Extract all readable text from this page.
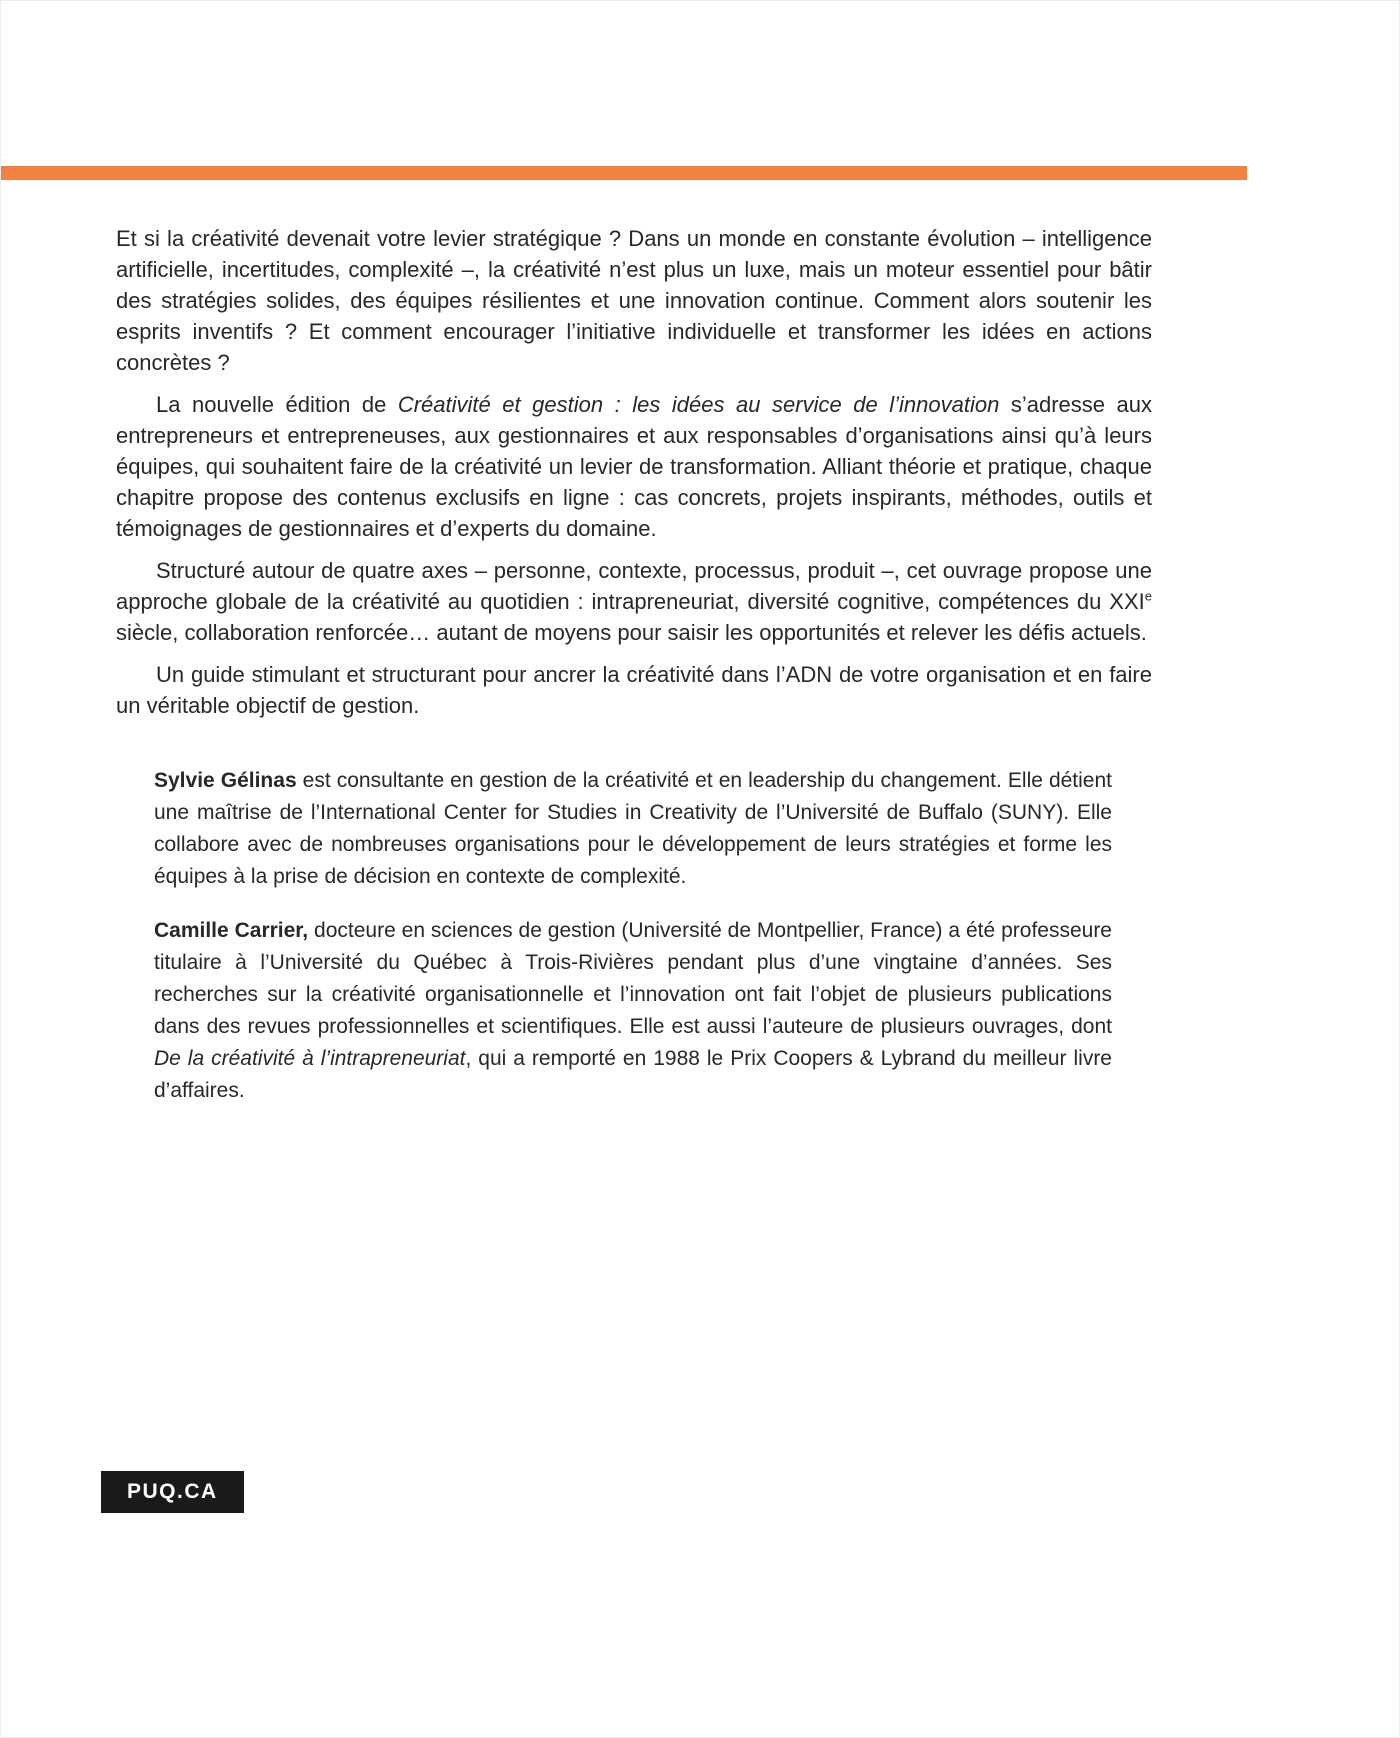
Et si la créativité devenait votre levier stratégique ? Dans un monde en constante évolution – intelligence artificielle, incertitudes, complexité –, la créativité n’est plus un luxe, mais un moteur essentiel pour bâtir des stratégies solides, des équipes résilientes et une innovation continue. Comment alors soutenir les esprits inventifs ? Et comment encourager l’initiative individuelle et transformer les idées en actions concrètes ?

La nouvelle édition de Créativité et gestion : les idées au service de l’innovation s’adresse aux entrepreneurs et entrepreneuses, aux gestionnaires et aux responsables d’organisations ainsi qu’à leurs équipes, qui souhaitent faire de la créativité un levier de transformation. Alliant théorie et pratique, chaque chapitre propose des contenus exclusifs en ligne : cas concrets, projets inspirants, méthodes, outils et témoignages de gestionnaires et d’experts du domaine.

Structuré autour de quatre axes – personne, contexte, processus, produit –, cet ouvrage propose une approche globale de la créativité au quotidien : intrapreneuriat, diversité cognitive, compétences du XXIe siècle, collaboration renforcée… autant de moyens pour saisir les opportunités et relever les défis actuels.

Un guide stimulant et structurant pour ancrer la créativité dans l’ADN de votre organisation et en faire un véritable objectif de gestion.

Sylvie Gélinas est consultante en gestion de la créativité et en leadership du changement. Elle détient une maîtrise de l’International Center for Studies in Creativity de l’Université de Buffalo (SUNY). Elle collabore avec de nombreuses organisations pour le développement de leurs stratégies et forme les équipes à la prise de décision en contexte de complexité.

Camille Carrier, docteure en sciences de gestion (Université de Montpellier, France) a été professeure titulaire à l’Université du Québec à Trois-Rivières pendant plus d’une vingtaine d’années. Ses recherches sur la créativité organisationnelle et l’innovation ont fait l’objet de plusieurs publications dans des revues professionnelles et scientifiques. Elle est aussi l’auteure de plusieurs ouvrages, dont De la créativité à l’intrapreneuriat, qui a remporté en 1988 le Prix Coopers & Lybrand du meilleur livre d’affaires.

PUQ.CA
